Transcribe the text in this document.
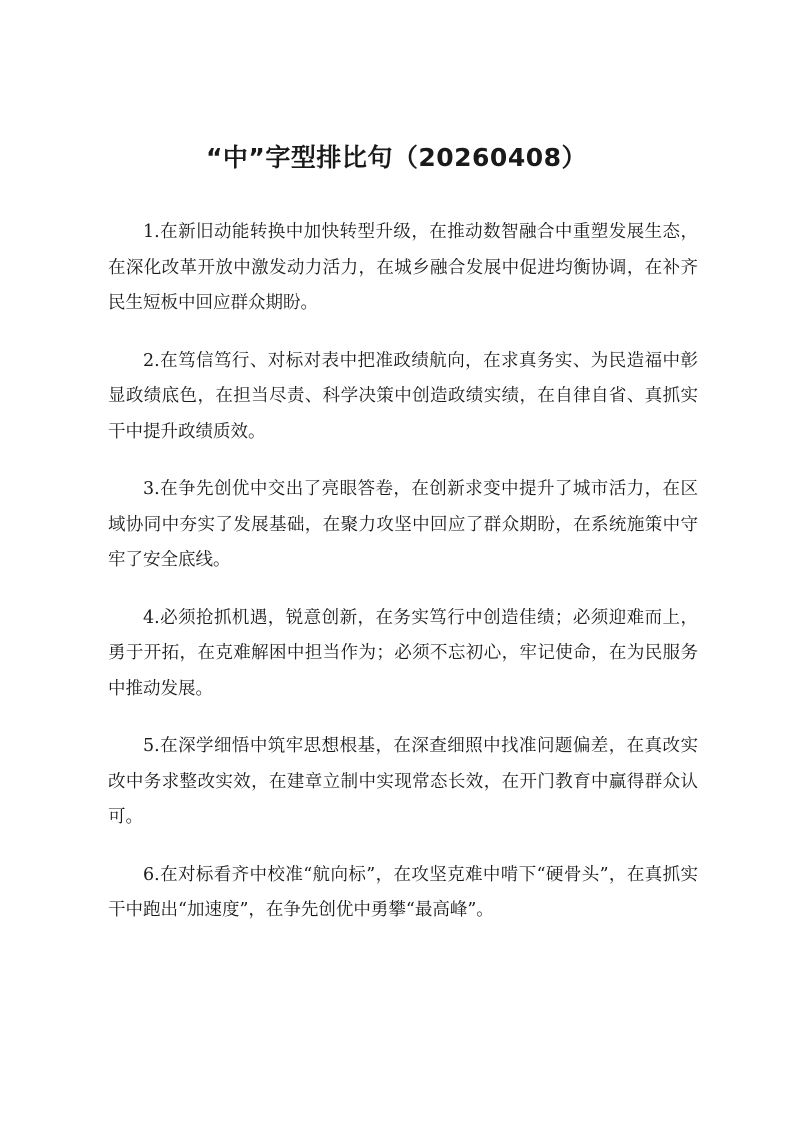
“中”字型排比句（20260408）

1.在新旧动能转换中加快转型升级，在推动数智融合中重塑发展生态，在深化改革开放中激发动力活力，在城乡融合发展中促进均衡协调，在补齐民生短板中回应群众期盼。

2.在笃信笃行、对标对表中把准政绩航向，在求真务实、为民造福中彰显政绩底色，在担当尽责、科学决策中创造政绩实绩，在自律自省、真抓实干中提升政绩质效。

3.在争先创优中交出了亮眼答卷，在创新求变中提升了城市活力，在区域协同中夯实了发展基础，在聚力攻坚中回应了群众期盼，在系统施策中守牢了安全底线。

4.必须抢抓机遇，锐意创新，在务实笃行中创造佳绩；必须迎难而上，勇于开拓，在克难解困中担当作为；必须不忘初心，牢记使命，在为民服务中推动发展。

5.在深学细悟中筑牢思想根基，在深查细照中找准问题偏差，在真改实改中务求整改实效，在建章立制中实现常态长效，在开门教育中赢得群众认可。

6.在对标看齐中校准“航向标”，在攻坚克难中啃下“硬骨头”，在真抓实干中跑出“加速度”，在争先创优中勇攀“最高峰”。
